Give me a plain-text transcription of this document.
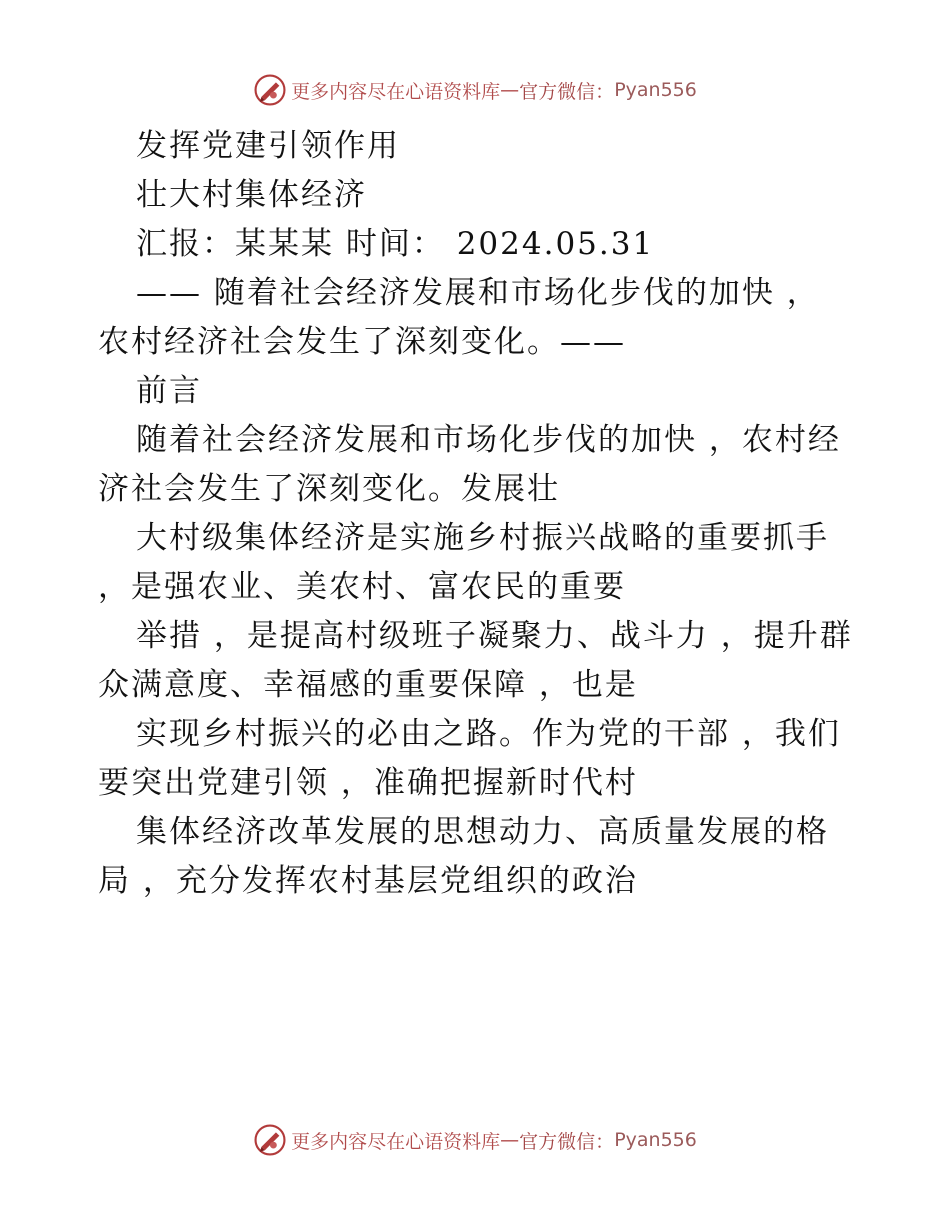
更多内容尽在心语资料库 — 官方微信： Pyan556
发挥党建引领作用
壮大村集体经济
汇报：某某某 时间： 2024.05.31
—— 随着社会经济发展和市场化步伐的加快 ，
农村经济社会发生了深刻变化。——
前言
随着社会经济发展和市场化步伐的加快 ，农村经
济社会发生了深刻变化。发展壮
大村级集体经济是实施乡村振兴战略的重要抓手
，是强农业、美农村、富农民的重要
举措 ，是提高村级班子凝聚力、战斗力 ，提升群
众满意度、幸福感的重要保障 ，也是
实现乡村振兴的必由之路。作为党的干部 ，我们
要突出党建引领 ，准确把握新时代村
集体经济改革发展的思想动力、高质量发展的格
局 ，充分发挥农村基层党组织的政治
更多内容尽在心语资料库 — 官方微信： Pyan556
